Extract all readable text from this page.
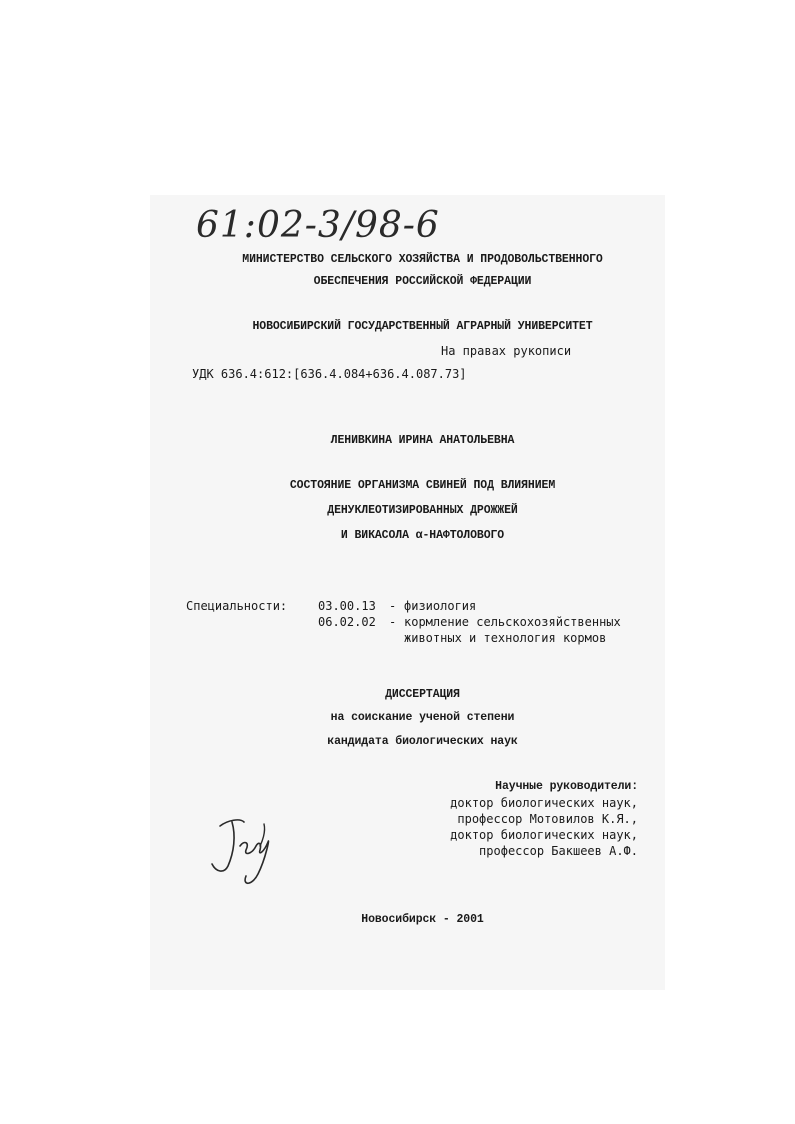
61:02-3/98-6
МИНИСТЕРСТВО СЕЛЬСКОГО ХОЗЯЙСТВА И ПРОДОВОЛЬСТВЕННОГО
ОБЕСПЕЧЕНИЯ РОССИЙСКОЙ ФЕДЕРАЦИИ
НОВОСИБИРСКИЙ ГОСУДАРСТВЕННЫЙ АГРАРНЫЙ УНИВЕРСИТЕТ
На правах рукописи
УДК 636.4:612:[636.4.084+636.4.087.73]
ЛЕНИВКИНА ИРИНА АНАТОЛЬЕВНА
СОСТОЯНИЕ ОРГАНИЗМА СВИНЕЙ ПОД ВЛИЯНИЕМ
ДЕНУКЛЕОТИЗИРОВАННЫХ ДРОЖЖЕЙ
И ВИКАСОЛА α-НАФТОЛОВОГО
Специальности:	03.00.13 - физиология
06.02.02 - кормление сельскохозяйственных
животных и технология кормов
ДИССЕРТАЦИЯ
на соискание ученой степени
кандидата биологических наук
Научные руководители:
доктор биологических наук,
профессор Мотовилов К.Я.,
доктор биологических наук,
профессор Бакшеев А.Ф.
Новосибирск - 2001
